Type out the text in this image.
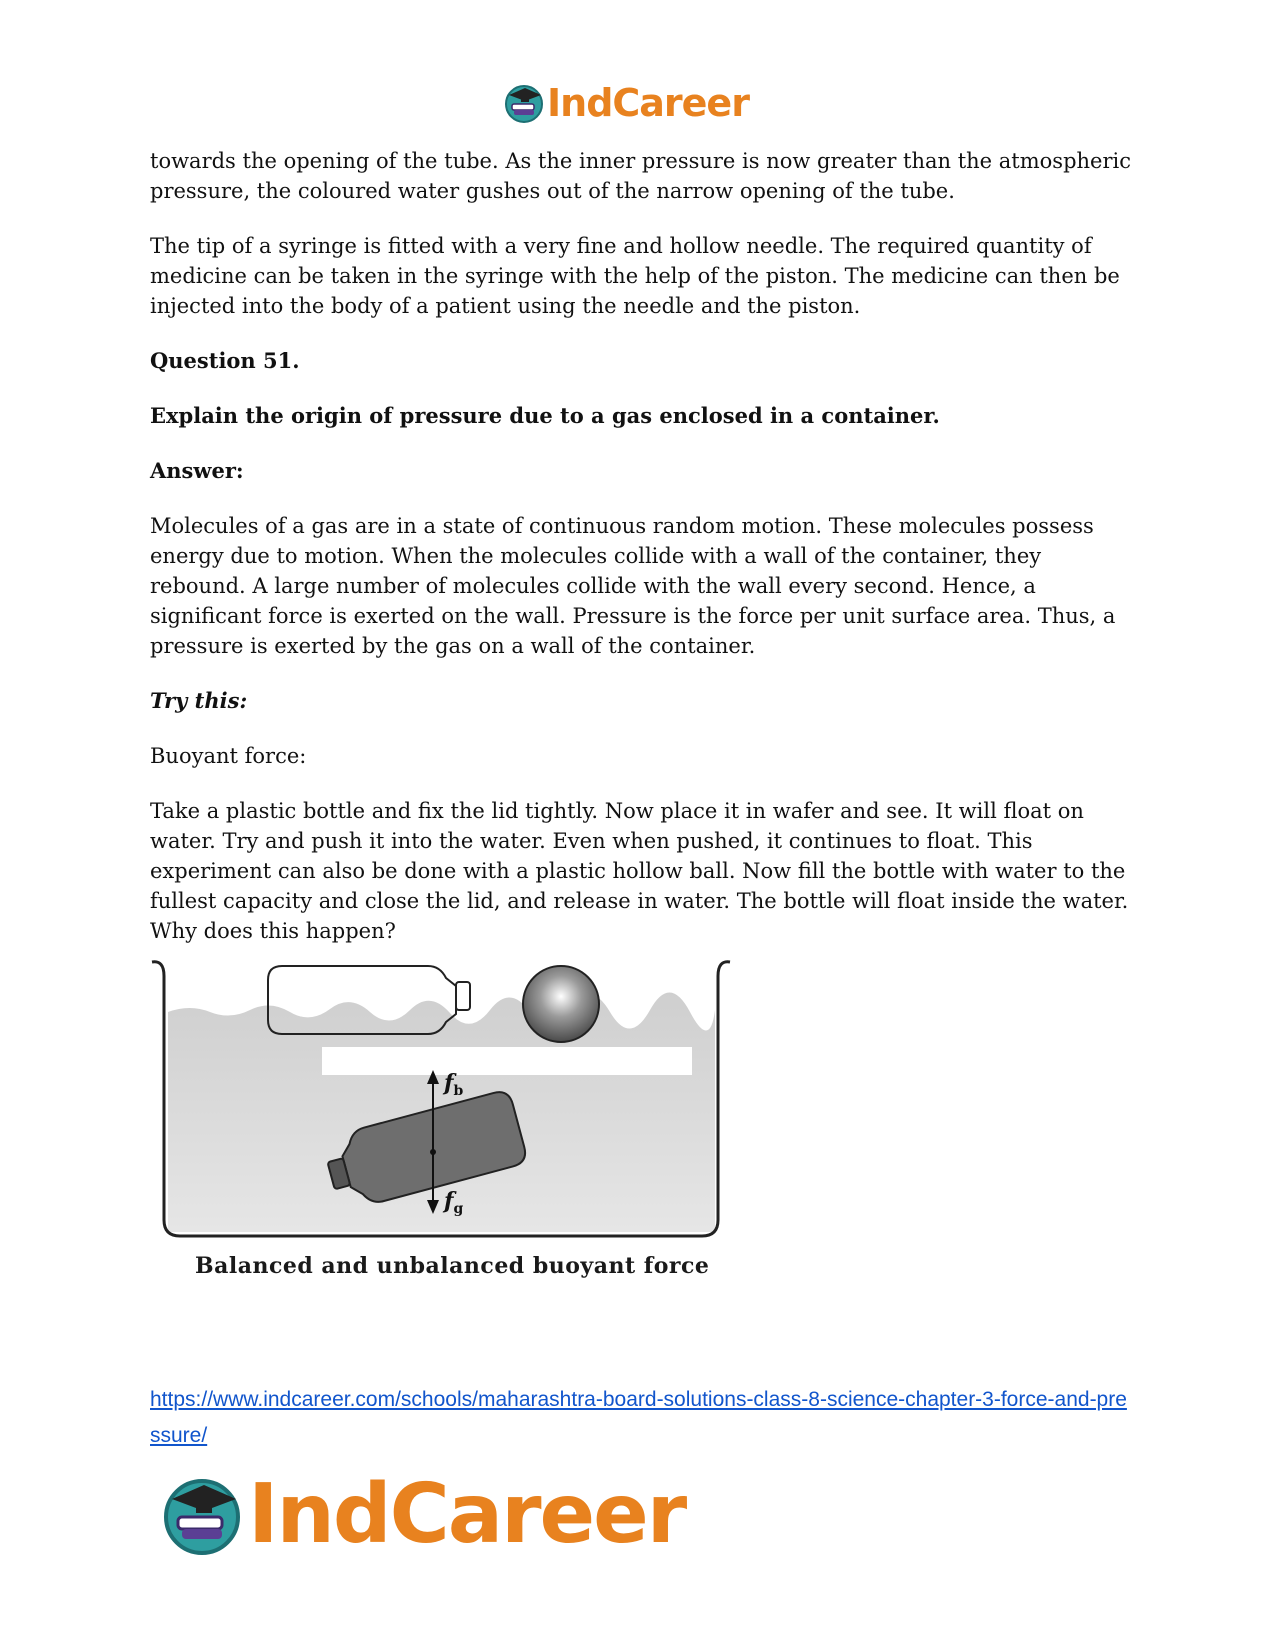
IndCareer

towards the opening of the tube. As the inner pressure is now greater than the atmospheric pressure, the coloured water gushes out of the narrow opening of the tube.

The tip of a syringe is fitted with a very fine and hollow needle. The required quantity of medicine can be taken in the syringe with the help of the piston. The medicine can then be injected into the body of a patient using the needle and the piston.

Question 51.

Explain the origin of pressure due to a gas enclosed in a container.

Answer:

Molecules of a gas are in a state of continuous random motion. These molecules possess energy due to motion. When the molecules collide with a wall of the container, they rebound. A large number of molecules collide with the wall every second. Hence, a significant force is exerted on the wall. Pressure is the force per unit surface area. Thus, a pressure is exerted by the gas on a wall of the container.

Try this:

Buoyant force:

Take a plastic bottle and fix the lid tightly. Now place it in wafer and see. It will float on water. Try and push it into the water. Even when pushed, it continues to float. This experiment can also be done with a plastic hollow ball. Now fill the bottle with water to the fullest capacity and close the lid, and release in water. The bottle will float inside the water. Why does this happen?

$f_b$
$f_g$
Balanced and unbalanced buoyant force
https://www.indcareer.com/schools/maharashtra-board-solutions-class-8-science-chapter-3-force-and-pressure/
IndCareer
